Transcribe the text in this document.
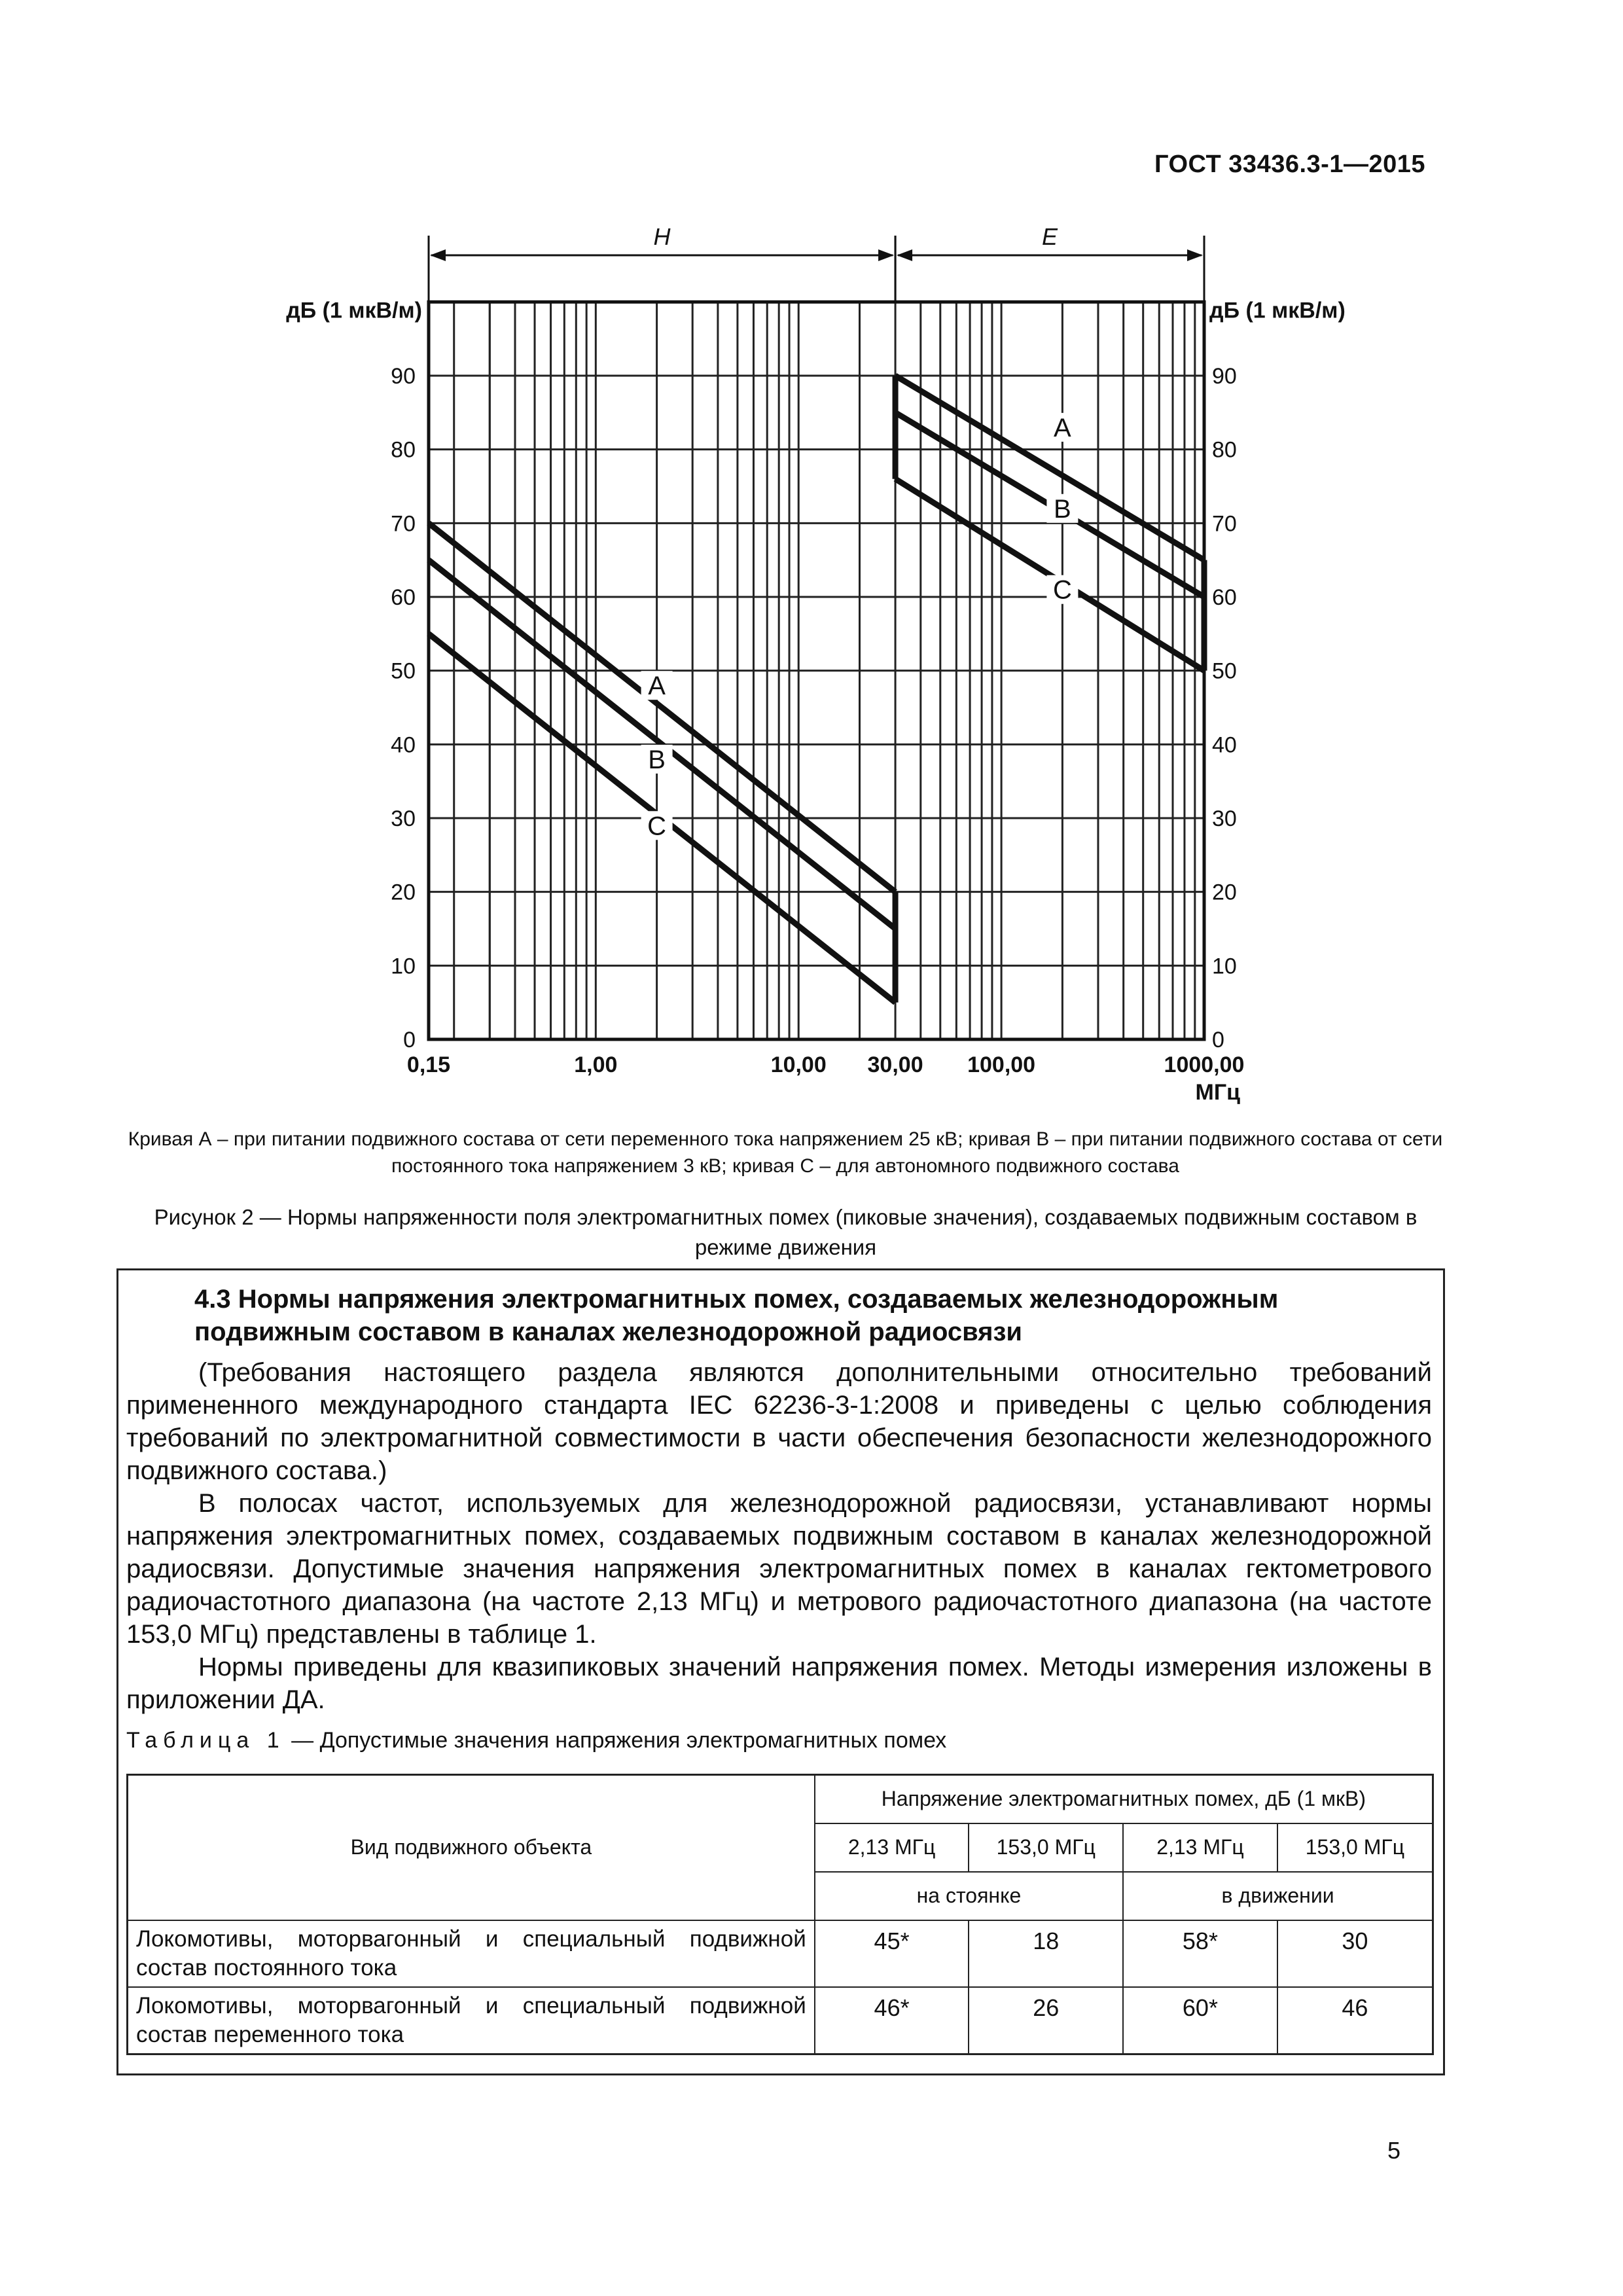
ГОСТ 33436.3-1—2015
0	0
10	10
20	20
30	30
40	40
50	50
60	60
70	70
80	80
90	90
дБ (1 мкВ/м)	дБ (1 мкВ/м)
0,15	1,00	10,00 30,00 100,00	1000,00
МГц
H	E
A
A
B
B
C
C
Кривая А – при питании подвижного состава от сети переменного тока напряжением 25 кВ; кривая В – при питании подвижного состава от сети постоянного тока напряжением 3 кВ; кривая С – для автономного подвижного состава
Рисунок 2 — Нормы напряженности поля электромагнитных помех (пиковые значения), создаваемых подвижным составом в режиме движения
4.3 Нормы напряжения электромагнитных помех, создаваемых железнодорожным подвижным составом в каналах железнодорожной радиосвязи
(Требования настоящего раздела являются дополнительными относительно требований примененного международного стандарта IEC 62236-3-1:2008 и приведены с целью соблюдения требований по электромагнитной совместимости в части обеспечения безопасности железнодорожного подвижного состава.)
В полосах частот, используемых для железнодорожной радиосвязи, устанавливают нормы напряжения электромагнитных помех, создаваемых подвижным составом в каналах железнодорожной радиосвязи. Допустимые значения напряжения электромагнитных помех в каналах гектометрового радиочастотного диапазона (на частоте 2,13 МГц) и метрового радиочастотного диапазона (на частоте 153,0 МГц) представлены в таблице 1.
Нормы приведены для квазипиковых значений напряжения помех. Методы измерения изложены в приложении ДА.
Таблица 1 — Допустимые значения напряжения электромагнитных помех
Вид подвижного объекта	Напряжение электромагнитных помех, дБ (1 мкВ)			
	2,13 МГц	153,0 МГц	2,13 МГц	153,0 МГц
	на стоянке		в движении	
Локомотивы, моторвагонный и специальный подвижной состав постоянного тока	45*	18	58*	30
Локомотивы, моторвагонный и специальный подвижной состав переменного тока	46*	26	60*	46
5
